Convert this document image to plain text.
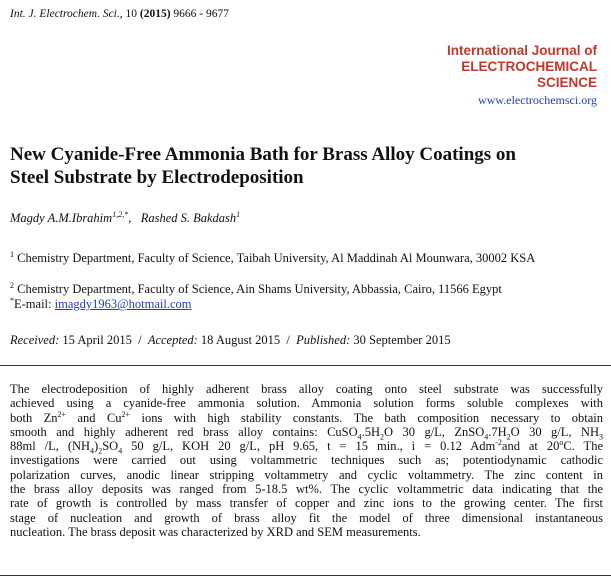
Int. J. Electrochem. Sci., 10 (2015) 9666 - 9677
International Journal of
ELECTROCHEMICAL
SCIENCE
www.electrochemsci.org
New Cyanide-Free Ammonia Bath for Brass Alloy Coatings on
Steel Substrate by Electrodeposition
Magdy A.M.Ibrahim$^{1,2,*}$,   Rashed S. Bakdash$^1$
$^1$ Chemistry Department, Faculty of Science, Taibah University, Al Maddinah Al Mounwara, 30002 KSA
$^2$ Chemistry Department, Faculty of Science, Ain Shams University, Abbassia, Cairo, 11566 Egypt
*E-mail: imagdy1963@hotmail.com
Received: 15 April 2015 / Accepted: 18 August 2015 / Published: 30 September 2015
The electrodeposition of highly adherent brass alloy coating onto steel substrate was successfully
achieved using a cyanide-free ammonia solution. Ammonia solution forms soluble complexes with
both $Zn^{2+}$ and $Cu^{2+}$ ions with high stability constants. The bath composition necessary to obtain
smooth and highly adherent red brass alloy contains: $CuSO_4.5H_2O$ 30 g/L, $ZnSO_4.7H_2O$ 30 g/L, $NH_3$
88ml /L, $(NH_4)_2SO_4$ 50 g/L, KOH 20 g/L, pH 9.65, t = 15 min., i = 0.12 Adm$^{-2}$and at 20$^o$C. The
investigations were carried out using voltammetric techniques such as; potentiodynamic cathodic
polarization curves, anodic linear stripping voltammetry and cyclic voltammetry. The zinc content in
the brass alloy deposits was ranged from 5-18.5 wt%. The cyclic voltammetric data indicating that the
rate of growth is controlled by mass transfer of copper and zinc ions to the growing center. The first
stage of nucleation and growth of brass alloy fit the model of three dimensional instantaneous
nucleation. The brass deposit was characterized by XRD and SEM measurements.
